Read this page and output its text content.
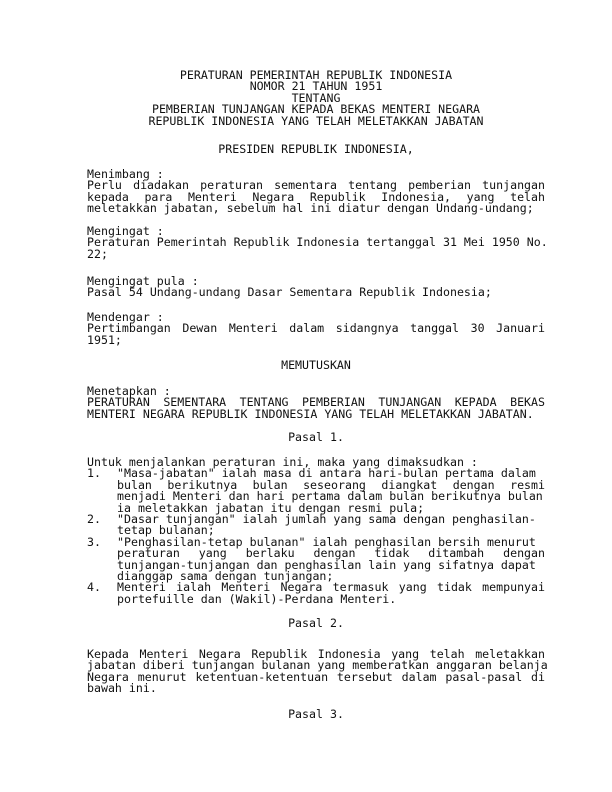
PERATURAN PEMERINTAH REPUBLIK INDONESIA
NOMOR 21 TAHUN 1951
TENTANG
PEMBERIAN TUNJANGAN KEPADA BEKAS MENTERI NEGARA
REPUBLIK INDONESIA YANG TELAH MELETAKKAN JABATAN
PRESIDEN REPUBLIK INDONESIA,
Menimbang :
Perlu diadakan peraturan sementara tentang pemberian tunjangan
kepada para Menteri Negara Republik Indonesia, yang telah
meletakkan jabatan, sebelum hal ini diatur dengan Undang-undang;
Mengingat :
Peraturan Pemerintah Republik Indonesia tertanggal 31 Mei 1950 No.
22;
Mengingat pula :
Pasal 54 Undang-undang Dasar Sementara Republik Indonesia;
Mendengar :
Pertimbangan Dewan Menteri dalam sidangnya tanggal 30 Januari
1951;
MEMUTUSKAN
Menetapkan :
PERATURAN SEMENTARA TENTANG PEMBERIAN TUNJANGAN KEPADA BEKAS
MENTERI NEGARA REPUBLIK INDONESIA YANG TELAH MELETAKKAN JABATAN.
Pasal 1.
Untuk menjalankan peraturan ini, maka yang dimaksudkan :
1. "Masa-jabatan" ialah masa di antara hari-bulan pertama dalam
bulan berikutnya bulan seseorang diangkat dengan resmi
menjadi Menteri dan hari pertama dalam bulan berikutnya bulan
ia meletakkan jabatan itu dengan resmi pula;
2. "Dasar tunjangan" ialah jumlah yang sama dengan penghasilan-
tetap bulanan;
3. "Penghasilan-tetap bulanan" ialah penghasilan bersih menurut
peraturan yang berlaku dengan tidak ditambah dengan
tunjangan-tunjangan dan penghasilan lain yang sifatnya dapat
dianggap sama dengan tunjangan;
4. Menteri ialah Menteri Negara termasuk yang tidak mempunyai
portefuille dan (Wakil)-Perdana Menteri.
Pasal 2.
Kepada Menteri Negara Republik Indonesia yang telah meletakkan
jabatan diberi tunjangan bulanan yang memberatkan anggaran belanja
Negara menurut ketentuan-ketentuan tersebut dalam pasal-pasal di
bawah ini.
Pasal 3.
